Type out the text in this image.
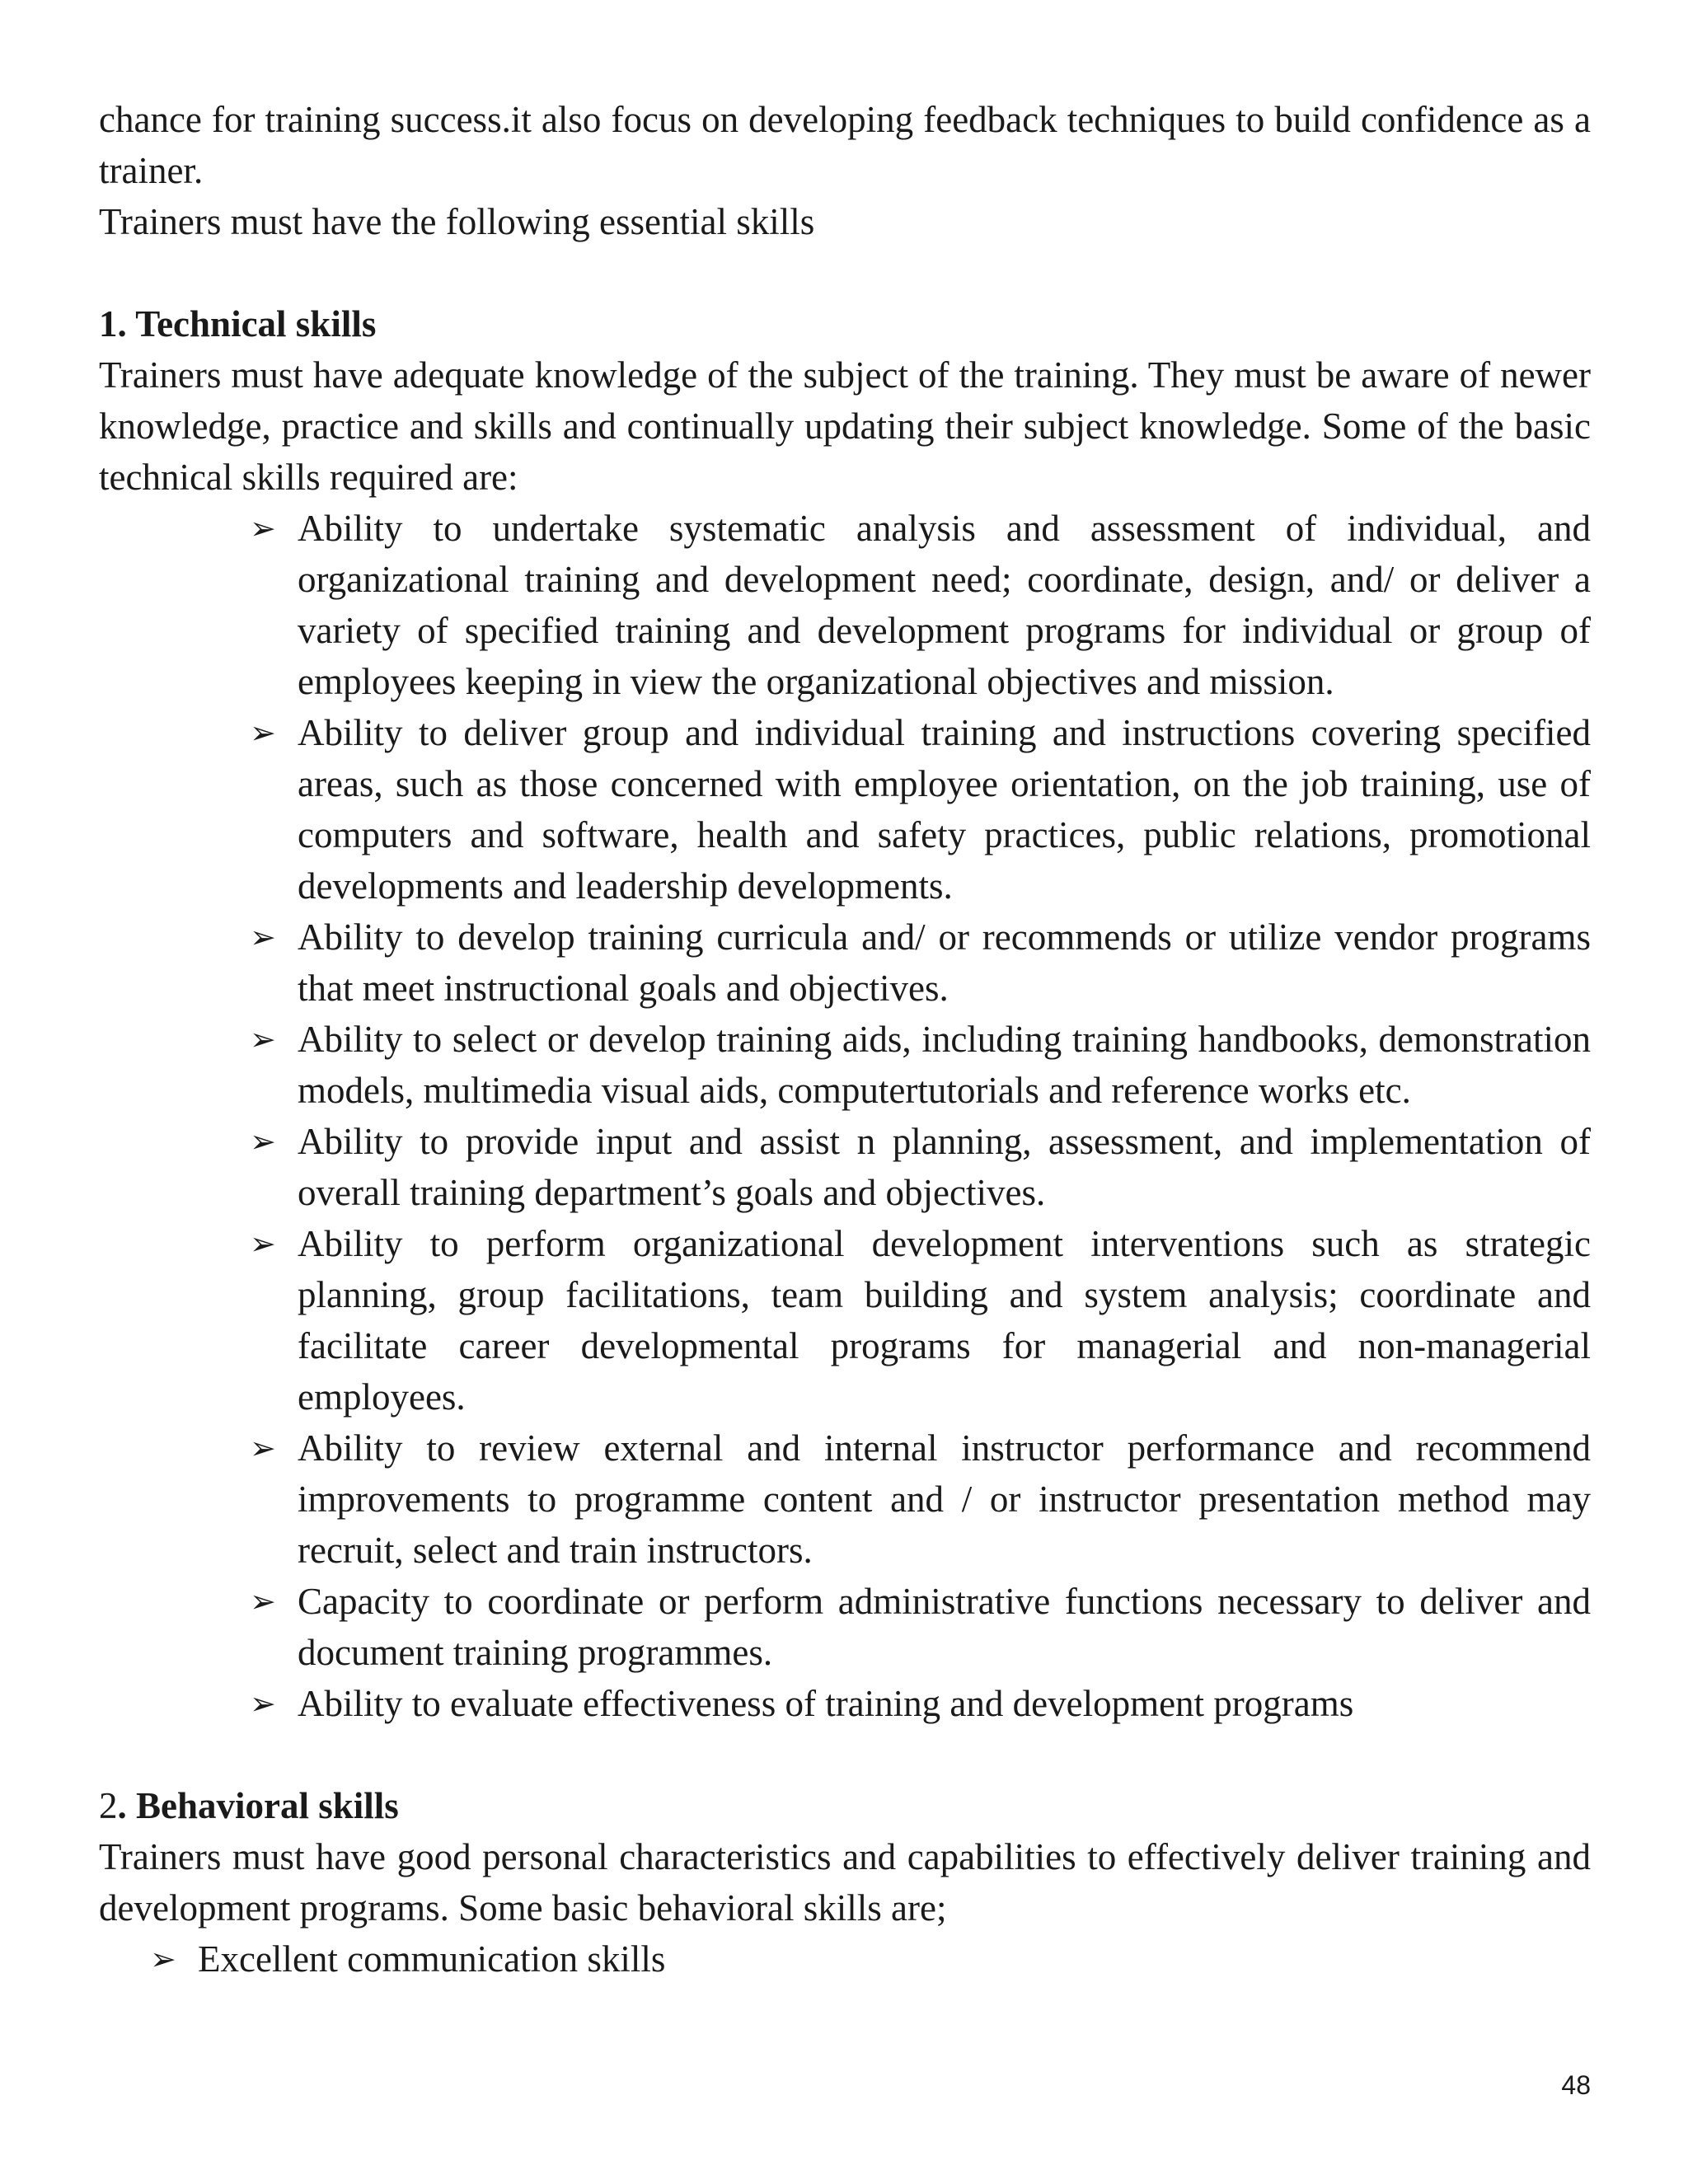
chance for training success.it also focus on developing feedback techniques to build confidence as a trainer.

Trainers must have the following essential skills

1. Technical skills

Trainers must have adequate knowledge of the subject of the training. They must be aware of newer knowledge, practice and skills and continually updating their subject knowledge. Some of the basic technical skills required are:

➢ Ability to undertake systematic analysis and assessment of individual, and organizational training and development need; coordinate, design, and/ or deliver a variety of specified training and development programs for individual or group of employees keeping in view the organizational objectives and mission.
➢ Ability to deliver group and individual training and instructions covering specified areas, such as those concerned with employee orientation, on the job training, use of computers and software, health and safety practices, public relations, promotional developments and leadership developments.
➢ Ability to develop training curricula and/ or recommends or utilize vendor programs that meet instructional goals and objectives.
➢ Ability to select or develop training aids, including training handbooks, demonstration models, multimedia visual aids, computertutorials and reference works etc.
➢ Ability to provide input and assist n planning, assessment, and implementation of overall training department’s goals and objectives.
➢ Ability to perform organizational development interventions such as strategic planning, group facilitations, team building and system analysis; coordinate and facilitate career developmental programs for managerial and non-managerial employees.
➢ Ability to review external and internal instructor performance and recommend improvements to programme content and / or instructor presentation method may recruit, select and train instructors.
➢ Capacity to coordinate or perform administrative functions necessary to deliver and document training programmes.
➢ Ability to evaluate effectiveness of training and development programs

2. Behavioral skills

Trainers must have good personal characteristics and capabilities to effectively deliver training and development programs. Some basic behavioral skills are;

➢ Excellent communication skills
48
